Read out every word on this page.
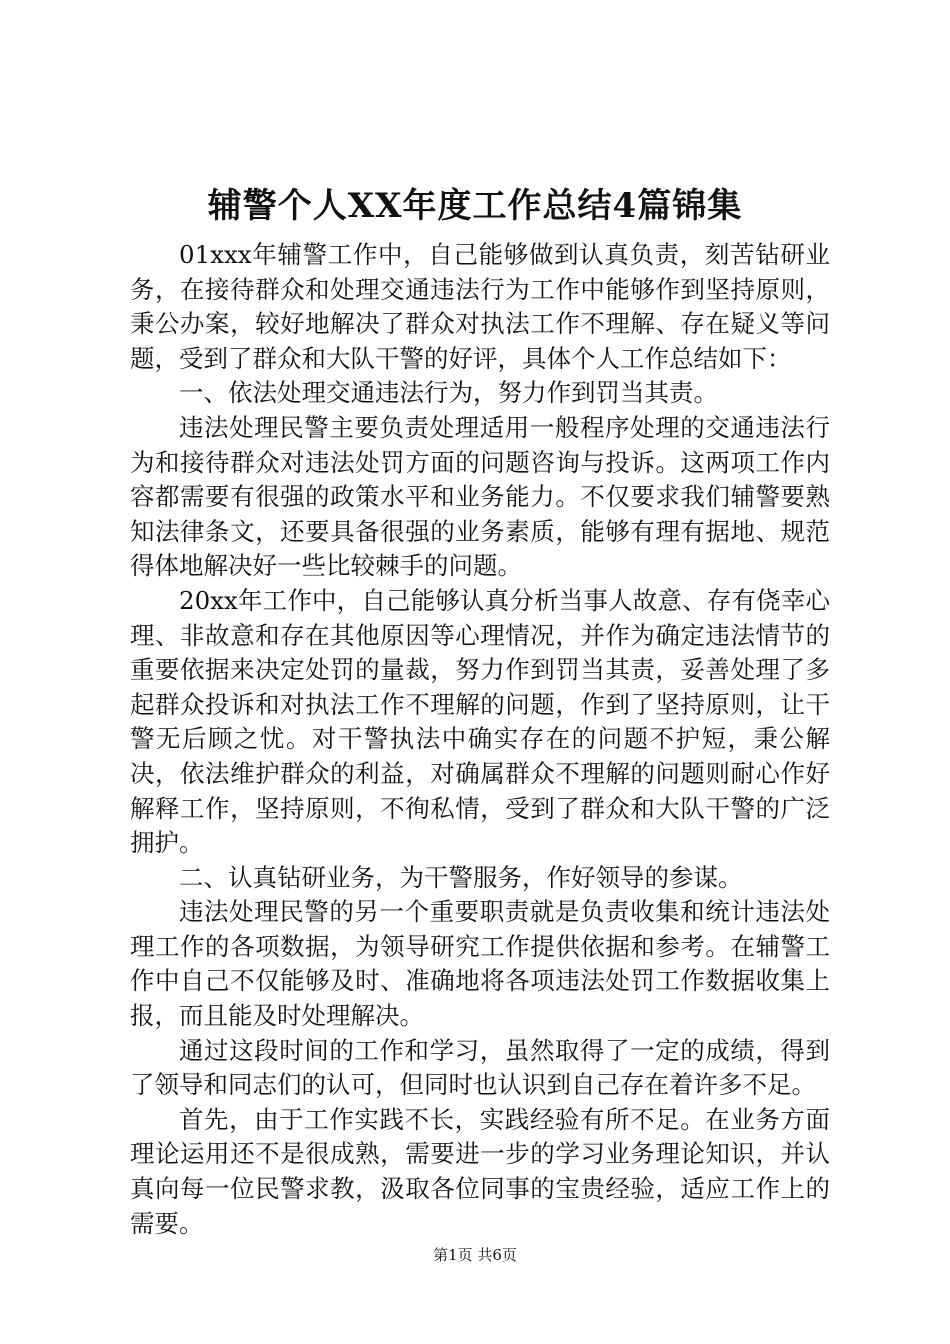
辅警个人XX年度工作总结4篇锦集

01xxx年辅警工作中，自己能够做到认真负责，刻苦钻研业务，在接待群众和处理交通违法行为工作中能够作到坚持原则，秉公办案，较好地解决了群众对执法工作不理解、存在疑义等问题，受到了群众和大队干警的好评，具体个人工作总结如下：

一、依法处理交通违法行为，努力作到罚当其责。

违法处理民警主要负责处理适用一般程序处理的交通违法行为和接待群众对违法处罚方面的问题咨询与投诉。这两项工作内容都需要有很强的政策水平和业务能力。不仅要求我们辅警要熟知法律条文，还要具备很强的业务素质，能够有理有据地、规范得体地解决好一些比较棘手的问题。

20xx年工作中，自己能够认真分析当事人故意、存有侥幸心理、非故意和存在其他原因等心理情况，并作为确定违法情节的重要依据来决定处罚的量裁，努力作到罚当其责，妥善处理了多起群众投诉和对执法工作不理解的问题，作到了坚持原则，让干警无后顾之忧。对干警执法中确实存在的问题不护短，秉公解决，依法维护群众的利益，对确属群众不理解的问题则耐心作好解释工作，坚持原则，不徇私情，受到了群众和大队干警的广泛拥护。

二、认真钻研业务，为干警服务，作好领导的参谋。

违法处理民警的另一个重要职责就是负责收集和统计违法处理工作的各项数据，为领导研究工作提供依据和参考。在辅警工作中自己不仅能够及时、准确地将各项违法处罚工作数据收集上报，而且能及时处理解决。

通过这段时间的工作和学习，虽然取得了一定的成绩，得到了领导和同志们的认可，但同时也认识到自己存在着许多不足。

首先，由于工作实践不长，实践经验有所不足。在业务方面理论运用还不是很成熟，需要进一步的学习业务理论知识，并认真向每一位民警求教，汲取各位同事的宝贵经验，适应工作上的需要。

第1页 共6页
